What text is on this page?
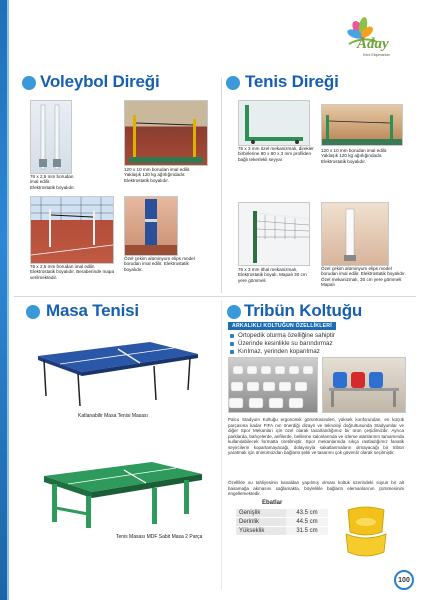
Aday
Kent Ekipmanları
Voleybol Direği	Tenis Direği
76 x 2,5 mm borudan imal edilir. Elektrostatik boyalıdır.
120 x 10 mm borudan imal edilir. Yaklaşık 120 kg ağırlığındadır. Elektrostatik boyalıdır.
76 x 2,5 mm borudan imal edilir. Elektrostatik boyalıdır. Beraberinde mapa verilmektedir.
Özel çekim alüminyum elips model borudan imal edilir. Elektrostatik boyalıdır.
76 x 3 mm özel mekanizmalı, direkler birbirlerine 80 x 80 x 3 mm profilden bağlı tekerlekli seyyar
120 x 10 mm borudan imal edilir. Yaklaşık 120 kg ağırlığındadır. Elektrostatik boyalıdır.
76 x 3 mm ithal mekanizmalı, Elektrostatik boyalı, Mapalı 30 cm yere gömmeli
Özel çekim alüminyum elips model borudan imal edilir. Elektrostatik boyalıdır. Özel mekanizmalı, 30 cm yere gömmeli Mapalı
Masa Tenisi
Katlanabilir Masa Tenisi Masası
Tenis Masası MDF Sabit Masa 2 Parça
Tribün Koltuğu
ARKALIKLI KOLTUĞUN ÖZELLİKLERİ
Ortopedik oturma özelliğine sahiptir
Üzerinde kesinlikle su barındırmaz
Kırılmaz, yerinden koparılmaz
Palco Stadyum Koltuğu ergonomik görüntüsünden, yüksek konforundan, en küçük parçasına kadar FIFA nın önerdiği dizayn ve teknoloji doğrultusunda Stadyumlar ve diğer Spor Mekanları için özel olarak tasarlandığımız bir ürün çeşidimizdir. Ayrıca parklarda, bahçelerde, anfilerde, belileme salonlarında ve izleme alanlarının tamamında kullanılabilecek formatta üretilmiştir. Spor mekanlarında sıkça rastladığımız fanatik seyircilerin kopartamayacağı, dolayısıyla sakatlanmaların olmayacağı bir tribün yaratmak için öninümüzdan bağlantı şekli ve tasarımı çok güvenlir olarak seçilmiştir.
Özellikle su tahliyesinin kanaldan yapılmış olması koltuk üzerindeki suyun bir alt basamağa akmasını sağlamakta, böylelikle bağlantı elemanlarının çürümesinini engellemektedir.
Ebatlar
Genişlik	43.5 cm
Derinlik	44.5 cm
Yükseklik	31.5 cm
100
